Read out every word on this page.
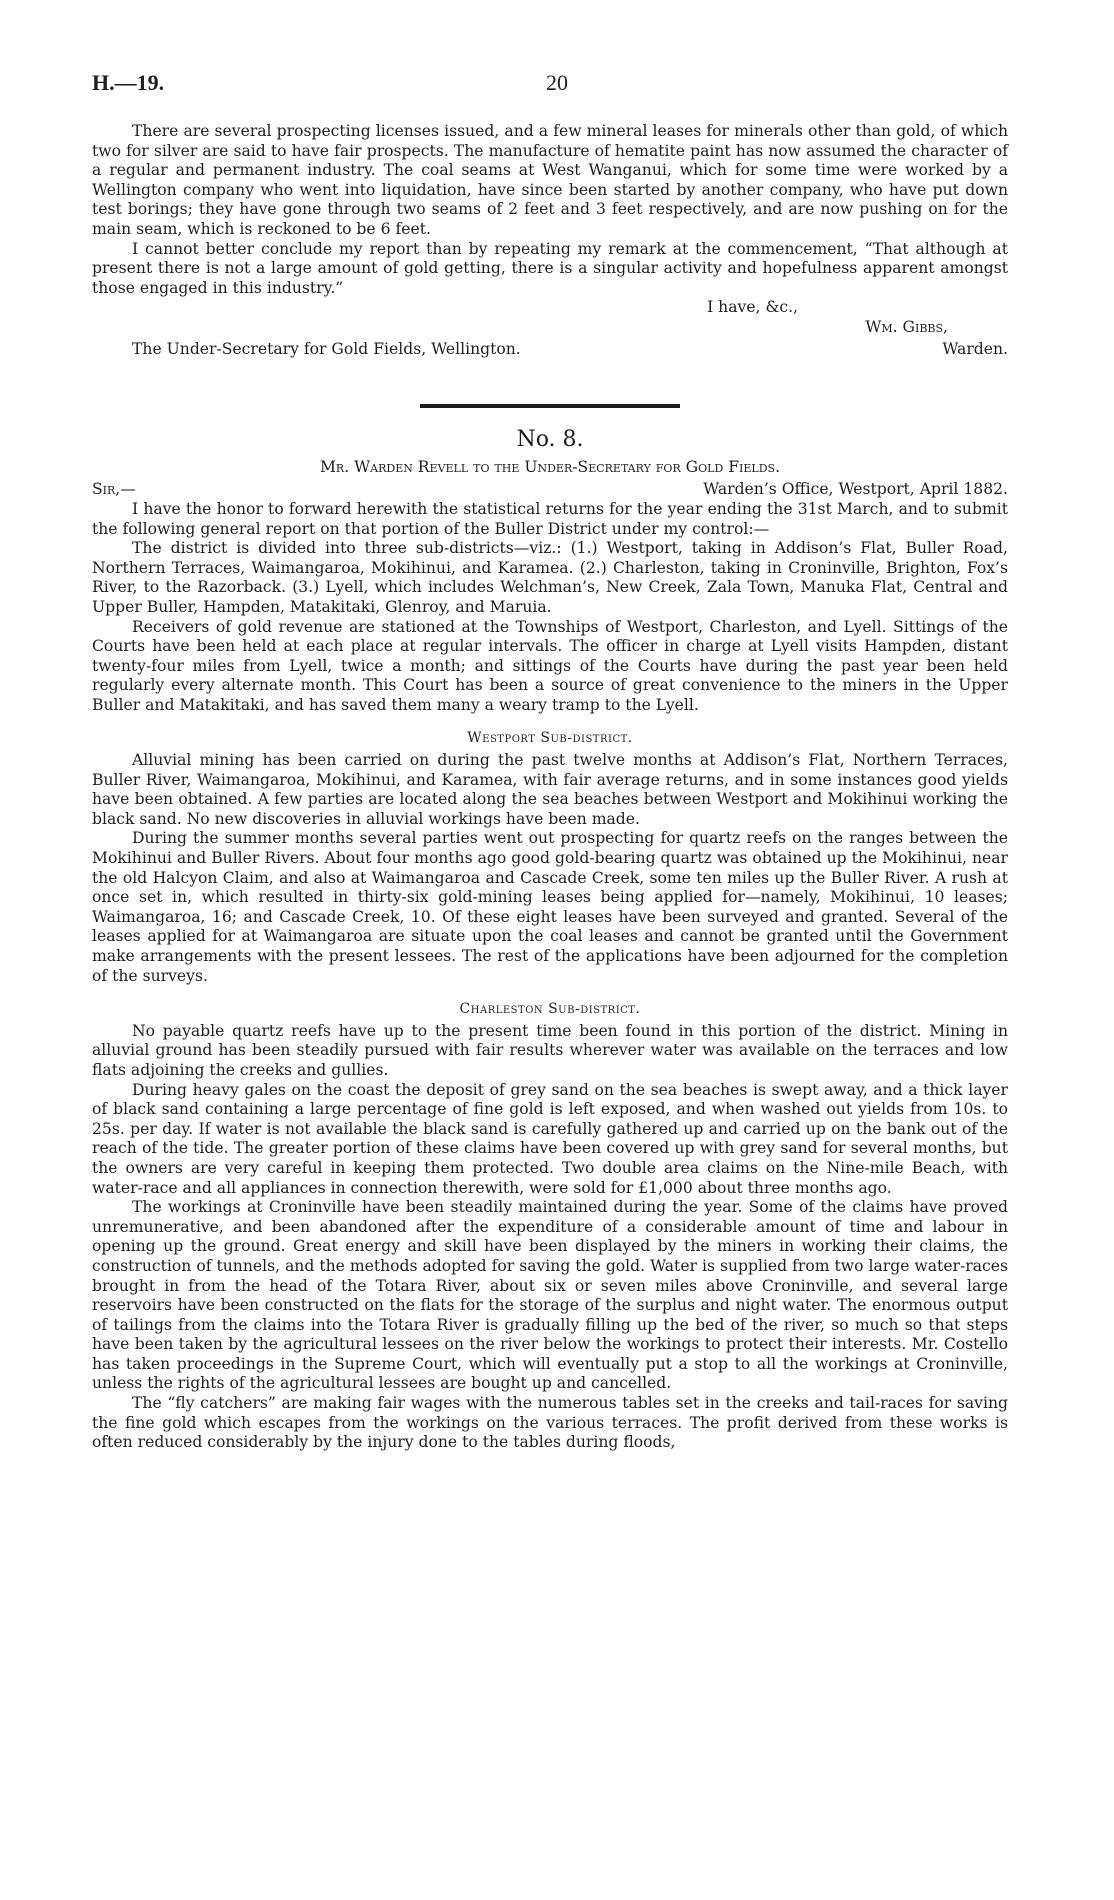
H.—19.	20

There are several prospecting licenses issued, and a few mineral leases for minerals other than gold, of which two for silver are said to have fair prospects. The manufacture of hematite paint has now assumed the character of a regular and permanent industry. The coal seams at West Wanganui, which for some time were worked by a Wellington company who went into liquidation, have since been started by another company, who have put down test borings; they have gone through two seams of 2 feet and 3 feet respectively, and are now pushing on for the main seam, which is reckoned to be 6 feet.

I cannot better conclude my report than by repeating my remark at the commencement, “That although at present there is not a large amount of gold getting, there is a singular activity and hopefulness apparent amongst those engaged in this industry.”

I have, &c.,
Wm. Gibbs,
Warden.
The Under-Secretary for Gold Fields, Wellington.
No. 8.
Mr. Warden Revell to the Under-Secretary for Gold Fields.
Sir,—	Warden’s Office, Westport, April 1882.

I have the honor to forward herewith the statistical returns for the year ending the 31st March, and to submit the following general report on that portion of the Buller District under my control:—

The district is divided into three sub-districts—viz.: (1.) Westport, taking in Addison’s Flat, Buller Road, Northern Terraces, Waimangaroa, Mokihinui, and Karamea. (2.) Charleston, taking in Croninville, Brighton, Fox’s River, to the Razorback. (3.) Lyell, which includes Welchman’s, New Creek, Zala Town, Manuka Flat, Central and Upper Buller, Hampden, Matakitaki, Glenroy, and Maruia.

Receivers of gold revenue are stationed at the Townships of Westport, Charleston, and Lyell. Sittings of the Courts have been held at each place at regular intervals. The officer in charge at Lyell visits Hampden, distant twenty-four miles from Lyell, twice a month; and sittings of the Courts have during the past year been held regularly every alternate month. This Court has been a source of great convenience to the miners in the Upper Buller and Matakitaki, and has saved them many a weary tramp to the Lyell.

Westport Sub-district.

Alluvial mining has been carried on during the past twelve months at Addison’s Flat, Northern Terraces, Buller River, Waimangaroa, Mokihinui, and Karamea, with fair average returns, and in some instances good yields have been obtained. A few parties are located along the sea beaches between Westport and Mokihinui working the black sand. No new discoveries in alluvial workings have been made.

During the summer months several parties went out prospecting for quartz reefs on the ranges between the Mokihinui and Buller Rivers. About four months ago good gold-bearing quartz was obtained up the Mokihinui, near the old Halcyon Claim, and also at Waimangaroa and Cascade Creek, some ten miles up the Buller River. A rush at once set in, which resulted in thirty-six gold-mining leases being applied for—namely, Mokihinui, 10 leases; Waimangaroa, 16; and Cascade Creek, 10. Of these eight leases have been surveyed and granted. Several of the leases applied for at Waimangaroa are situate upon the coal leases and cannot be granted until the Government make arrangements with the present lessees. The rest of the applications have been adjourned for the completion of the surveys.

Charleston Sub-district.

No payable quartz reefs have up to the present time been found in this portion of the district. Mining in alluvial ground has been steadily pursued with fair results wherever water was available on the terraces and low flats adjoining the creeks and gullies.

During heavy gales on the coast the deposit of grey sand on the sea beaches is swept away, and a thick layer of black sand containing a large percentage of fine gold is left exposed, and when washed out yields from 10s. to 25s. per day. If water is not available the black sand is carefully gathered up and carried up on the bank out of the reach of the tide. The greater portion of these claims have been covered up with grey sand for several months, but the owners are very careful in keeping them protected. Two double area claims on the Nine-mile Beach, with water-race and all appliances in connection therewith, were sold for £1,000 about three months ago.

The workings at Croninville have been steadily maintained during the year. Some of the claims have proved unremunerative, and been abandoned after the expenditure of a considerable amount of time and labour in opening up the ground. Great energy and skill have been displayed by the miners in working their claims, the construction of tunnels, and the methods adopted for saving the gold. Water is supplied from two large water-races brought in from the head of the Totara River, about six or seven miles above Croninville, and several large reservoirs have been constructed on the flats for the storage of the surplus and night water. The enormous output of tailings from the claims into the Totara River is gradually filling up the bed of the river, so much so that steps have been taken by the agricultural lessees on the river below the workings to protect their interests. Mr. Costello has taken proceedings in the Supreme Court, which will eventually put a stop to all the workings at Croninville, unless the rights of the agricultural lessees are bought up and cancelled.

The “fly catchers” are making fair wages with the numerous tables set in the creeks and tail-races for saving the fine gold which escapes from the workings on the various terraces. The profit derived from these works is often reduced considerably by the injury done to the tables during floods,
